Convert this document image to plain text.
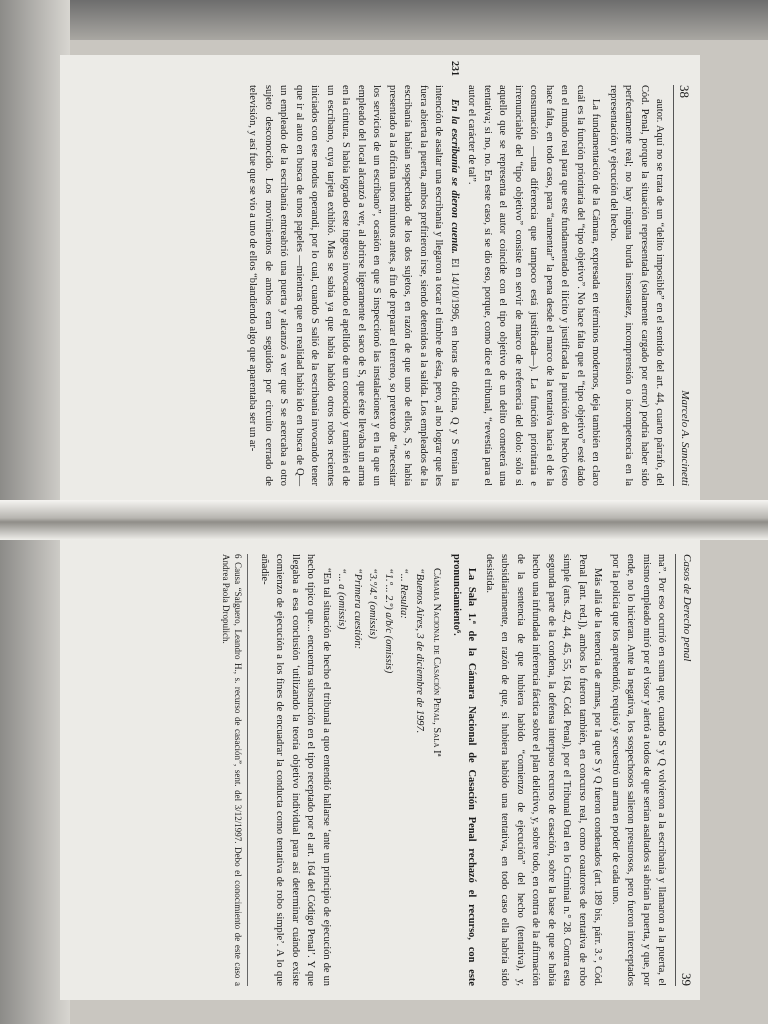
38
Marcelo A. Sancinetti

autor. Aquí no se trata de un “delito imposible” en el sentido del art. 44, cuarto párrafo, del Cód. Penal, porque la situación representada (solamente cargado por error) podría haber sido perfectamente real; no hay ninguna burda insensatez, incomprensión o incompetencia en la representación y ejecución del hecho.

La fundamentación de la Cámara, expresada en términos modernos, deja también en claro cuál es la función prioritaria del “tipo objetivo”. No hace falta que el “tipo objetivo” esté dado en el mundo real para que este fundamentado el ilícito y justificada la punición del hecho (esto hace falta, en todo caso, para “aumentar” la pena desde el marco de la tentativa hacia el de la consumación —una diferencia que tampoco está justificada—). La función prioritaria e irrenunciable del “tipo objetivo” consiste en servir de marco de referencia del dolo: sólo si aquello que se representa el autor coincide con el tipo objetivo de un delito cometerá una tentativa; si no, no. En este caso, sí se dio eso, porque, como dice el tribunal, “revestía para el autor el carácter de tal”.

231

En la escribanía se dieron cuenta. El 14/10/1996, en horas de oficina, Q y S tenían la intención de asaltar una escribanía y llegaron a tocar el timbre de ésta, pero, al no lograr que les fuera abierta la puerta, ambos prefirieron irse, siendo detenidos a la salida. Los empleados de la escribanía habían sospechado de los dos sujetos, en razón de que uno de ellos, S, se había presentado a la oficina unos minutos antes, a fin de preparar el terreno, so pretexto de “necesitar los servicios de un escribano”, ocasión en que S inspeccionó las instalaciones y en la que un empleado del local alcanzó a ver, al abrirse ligeramente el saco de S, que éste llevaba un arma en la cintura. S había logrado este ingreso invocando el apellido de un conocido y también el de un escribano, cuya tarjeta exhibió. Mas se sabía ya que había habido otros robos recientes iniciados con ese modus operandi, por lo cual, cuando S salió de la escribanía invocando tener que ir al auto en busca de unos papeles —mientras que en realidad había ido en busca de Q— un empleado de la escribanía entreabrió una puerta y alcanzó a ver que S se acercaba a otro sujeto desconocido. Los movimientos de ambos eran seguidos por circuito cerrado de televisión, y así fue que se vio a uno de ellos “blandiendo algo que aparentaba ser un ar-

Casos de Derecho penal
39

ma”. Por eso ocurrió en suma que, cuando S y Q volvieron a la escribanía y llamaron a la puerta, el mismo empleado miró por el visor y alertó a todos de que serían asaltados si abrían la puerta, y que, por ende, no lo hicieran. Ante la negativa, los sospechosos salieron presurosos, pero fueron interceptados por la policía que los aprehendió, requisó y secuestró un arma en poder de cada uno.

Más allá de la tenencia de armas, por la que S y Q fueron condenados (art. 189 bis, párr. 3.°, Cód. Penal [ant. red.]), ambos lo fueron también, en concurso real, como coautores de tentativa de robo simple (arts. 42, 44, 45, 55, 164, Cód. Penal), por el Tribunal Oral en lo Criminal n.° 28. Contra esta segunda parte de la condena, la defensa interpuso recurso de casación, sobre la base de que se había hecho una infundada inferencia fáctica sobre el plan delictivo, y, sobre todo, en contra de la afirmación de la sentencia de que hubiera habido “comienzo de ejecución” del hecho (tentativa), y, subsidiariamente, en razón de que, si hubiera habido una tentativa, en todo caso ella habría sido desistida.

La Sala 1.ª de la Cámara Nacional de Casación Penal rechazó el recurso, con este pronunciamiento⁶.

Cámara Nacional de Casación Penal, Sala Iª

“Buenos Aires, 3 de diciembre de 1997.

“... Resulta:

“1.º... 2.º) a/b/c (omissis)

“3.º/4.º (omissis)

“Primera cuestión:

“... a (omissis)

“En tal situación de hecho el tribunal a quo entendió hallarse ‘ante un principio de ejecución de un hecho típico que... encuentra subsunción en el tipo receptado por el art. 164 del Código Penal’. Y que llegaba a esa conclusión ‘utilizando la teoría objetivo individual para así determinar cuándo existe comienzo de ejecución a los fines de encuadrar la conducta como tentativa de robo simple’. A lo que añadie-

6 Causa “Salguero, Leandro H., s. recurso de casación”, sent. del 3/12/1997. Debo el conocimiento de este caso a Andrea Paola Dropulich.
